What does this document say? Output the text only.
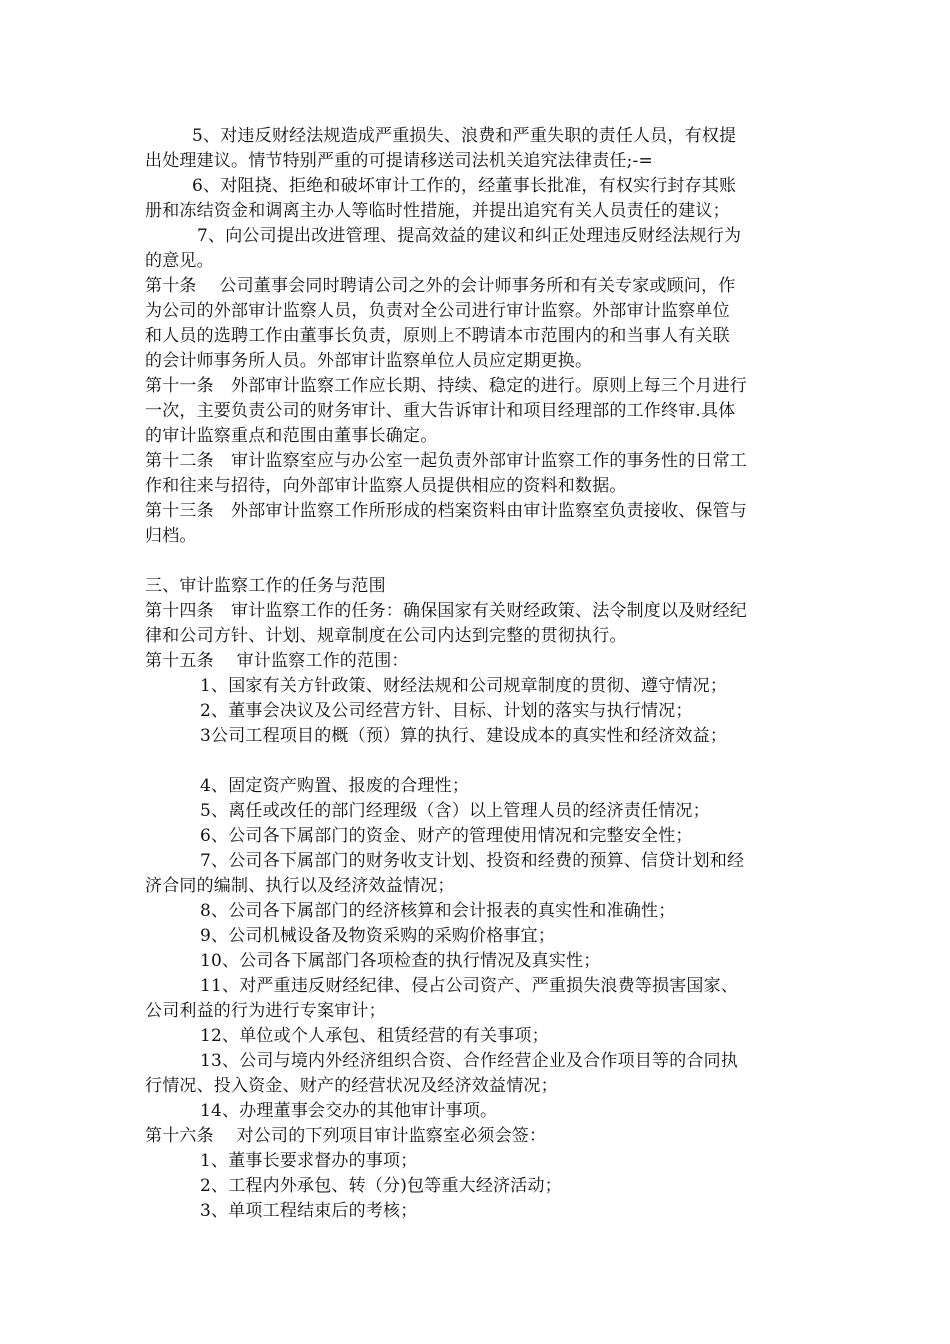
5、对违反财经法规造成严重损失、浪费和严重失职的责任人员，有权提
出处理建议。情节特别严重的可提请移送司法机关追究法律责任;-=
6、对阻挠、拒绝和破坏审计工作的，经董事长批准，有权实行封存其账
册和冻结资金和调离主办人等临时性措施，并提出追究有关人员责任的建议；
7、向公司提出改进管理、提高效益的建议和纠正处理违反财经法规行为
的意见。
第十条　 公司董事会同时聘请公司之外的会计师事务所和有关专家或顾问，作
为公司的外部审计监察人员，负责对全公司进行审计监察。外部审计监察单位
和人员的选聘工作由董事长负责，原则上不聘请本市范围内的和当事人有关联
的会计师事务所人员。外部审计监察单位人员应定期更换。
第十一条　外部审计监察工作应长期、持续、稳定的进行。原则上每三个月进行
一次，主要负责公司的财务审计、重大告诉审计和项目经理部的工作终审.具体
的审计监察重点和范围由董事长确定。
第十二条　审计监察室应与办公室一起负责外部审计监察工作的事务性的日常工
作和往来与招待，向外部审计监察人员提供相应的资料和数据。
第十三条　外部审计监察工作所形成的档案资料由审计监察室负责接收、保管与
归档。
三、审计监察工作的任务与范围
第十四条　审计监察工作的任务：确保国家有关财经政策、法令制度以及财经纪
律和公司方针、计划、规章制度在公司内达到完整的贯彻执行。
第十五条　 审计监察工作的范围：
1、国家有关方针政策、财经法规和公司规章制度的贯彻、遵守情况；
2、董事会决议及公司经营方针、目标、计划的落实与执行情况；
3公司工程项目的概（预）算的执行、建设成本的真实性和经济效益；
4、固定资产购置、报废的合理性；
5、离任或改任的部门经理级（含）以上管理人员的经济责任情况；
6、公司各下属部门的资金、财产的管理使用情况和完整安全性；
7、公司各下属部门的财务收支计划、投资和经费的预算、信贷计划和经
济合同的编制、执行以及经济效益情况；
8、公司各下属部门的经济核算和会计报表的真实性和准确性；
9、公司机械设备及物资采购的采购价格事宜；
10、公司各下属部门各项检查的执行情况及真实性；
11、对严重违反财经纪律、侵占公司资产、严重损失浪费等损害国家、
公司利益的行为进行专案审计；
12、单位或个人承包、租赁经营的有关事项；
13、公司与境内外经济组织合资、合作经营企业及合作项目等的合同执
行情况、投入资金、财产的经营状况及经济效益情况；
14、办理董事会交办的其他审计事项。
第十六条　 对公司的下列项目审计监察室必须会签：
1、董事长要求督办的事项；
2、工程内外承包、转（分)包等重大经济活动；
3、单项工程结束后的考核；
